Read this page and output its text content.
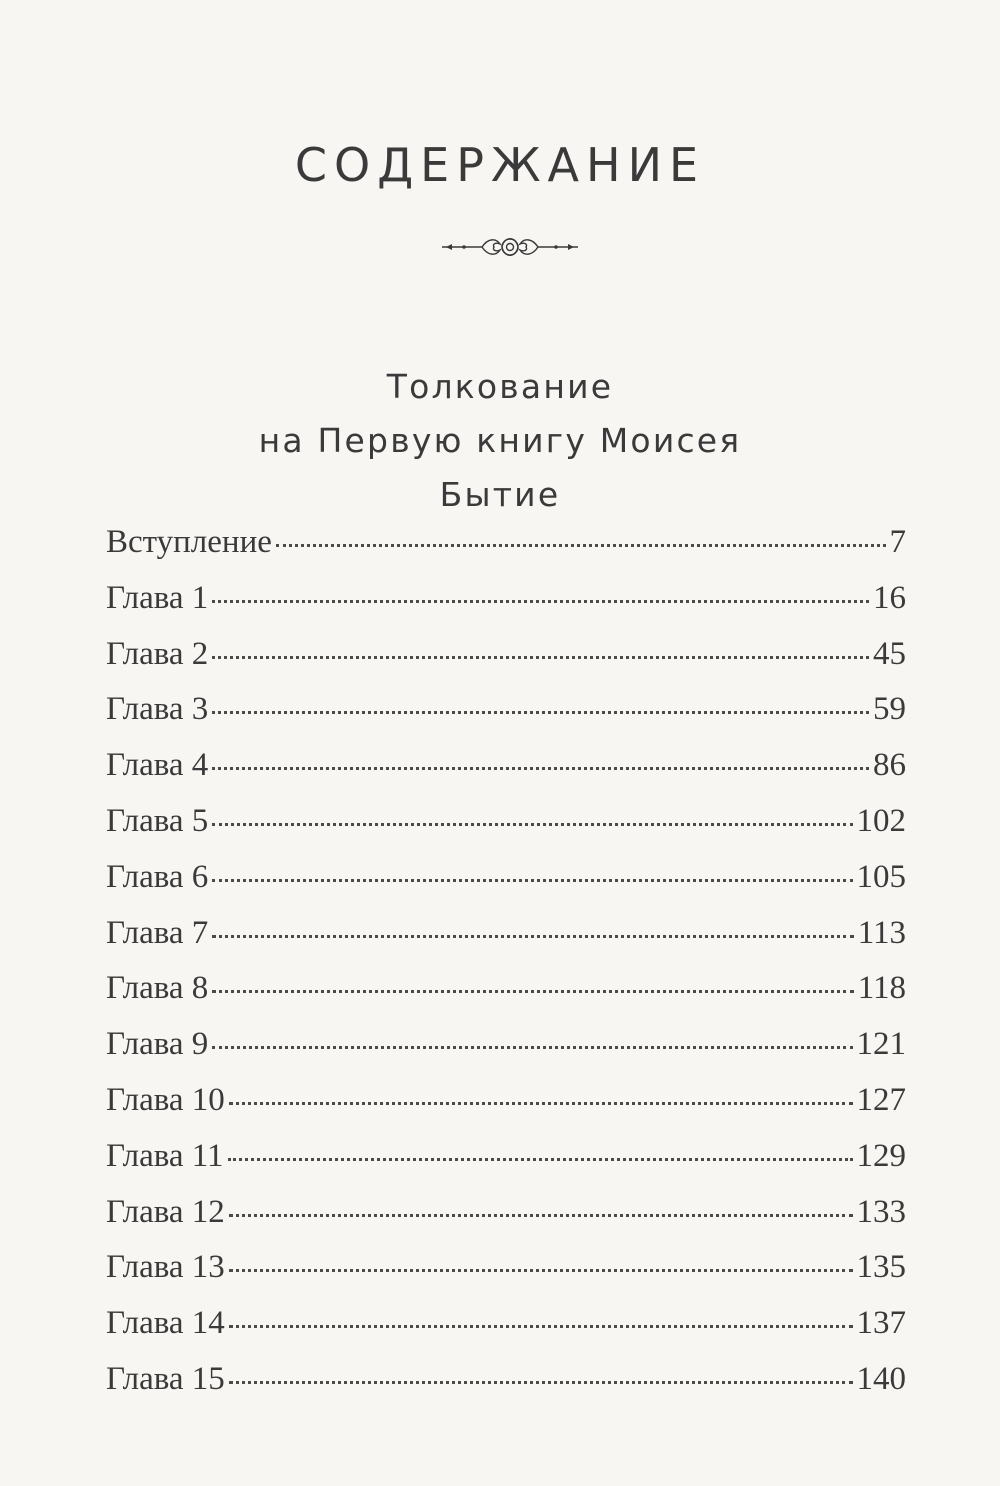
СОДЕРЖАНИЕ
Толкование
на Первую книгу Моисея
Бытие
Вступление	7
Глава 1	16
Глава 2	45
Глава 3	59
Глава 4	86
Глава 5	102
Глава 6	105
Глава 7	113
Глава 8	118
Глава 9	121
Глава 10	127
Глава 11	129
Глава 12	133
Глава 13	135
Глава 14	137
Глава 15	140
